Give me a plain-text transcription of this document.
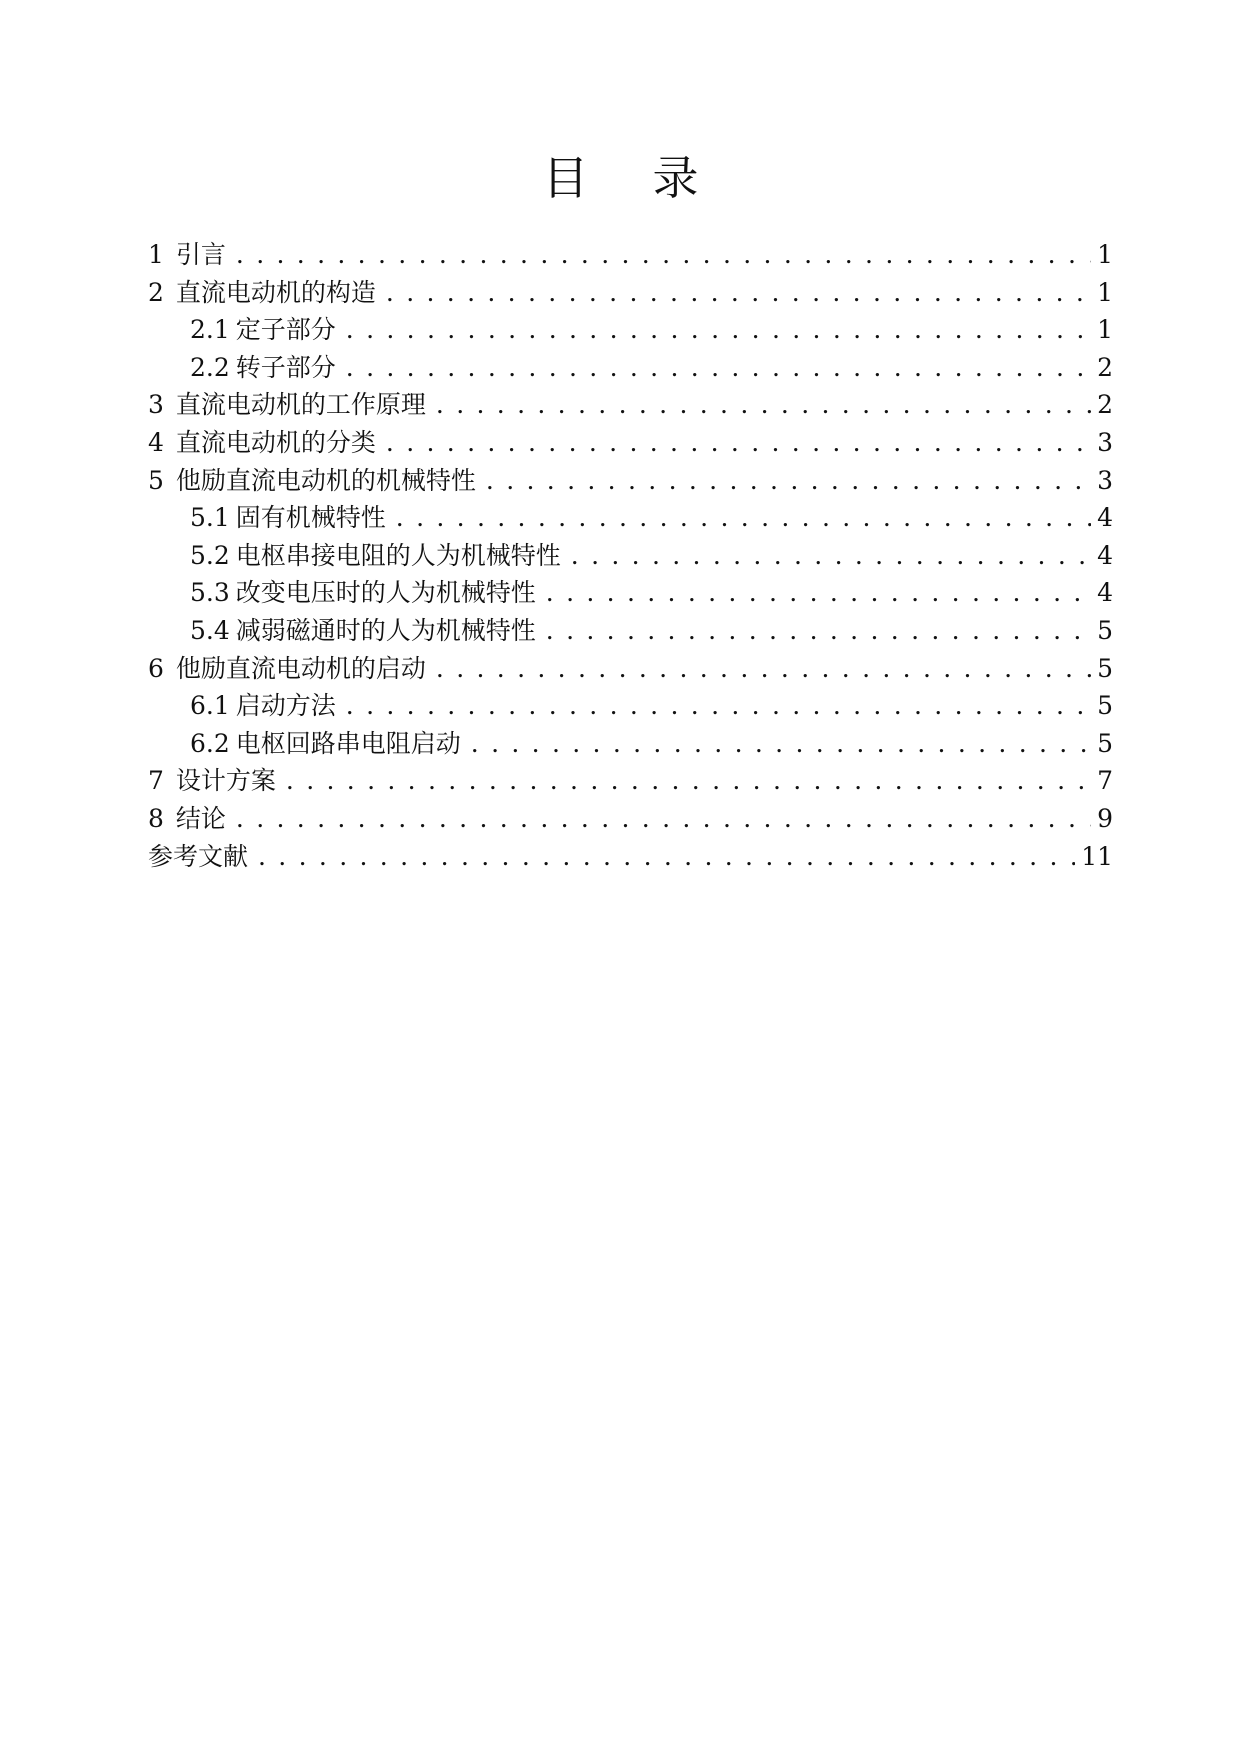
目 录
1 引言 . . .	1
2 直流电动机的构造 . . .	1
2.1 定子部分 . . .	1
2.2 转子部分 . . .	2
3 直流电动机的工作原理 . . .	2
4 直流电动机的分类 . . .	3
5 他励直流电动机的机械特性 . . .	3
5.1 固有机械特性 . . .	4
5.2 电枢串接电阻的人为机械特性 . . .	4
5.3 改变电压时的人为机械特性 . . .	4
5.4 减弱磁通时的人为机械特性 . . .	5
6 他励直流电动机的启动 . . .	5
6.1 启动方法 . . .	5
6.2 电枢回路串电阻启动 . . .	5
7 设计方案 . . .	7
8 结论 . . .	9
参考文献 . . .	11
